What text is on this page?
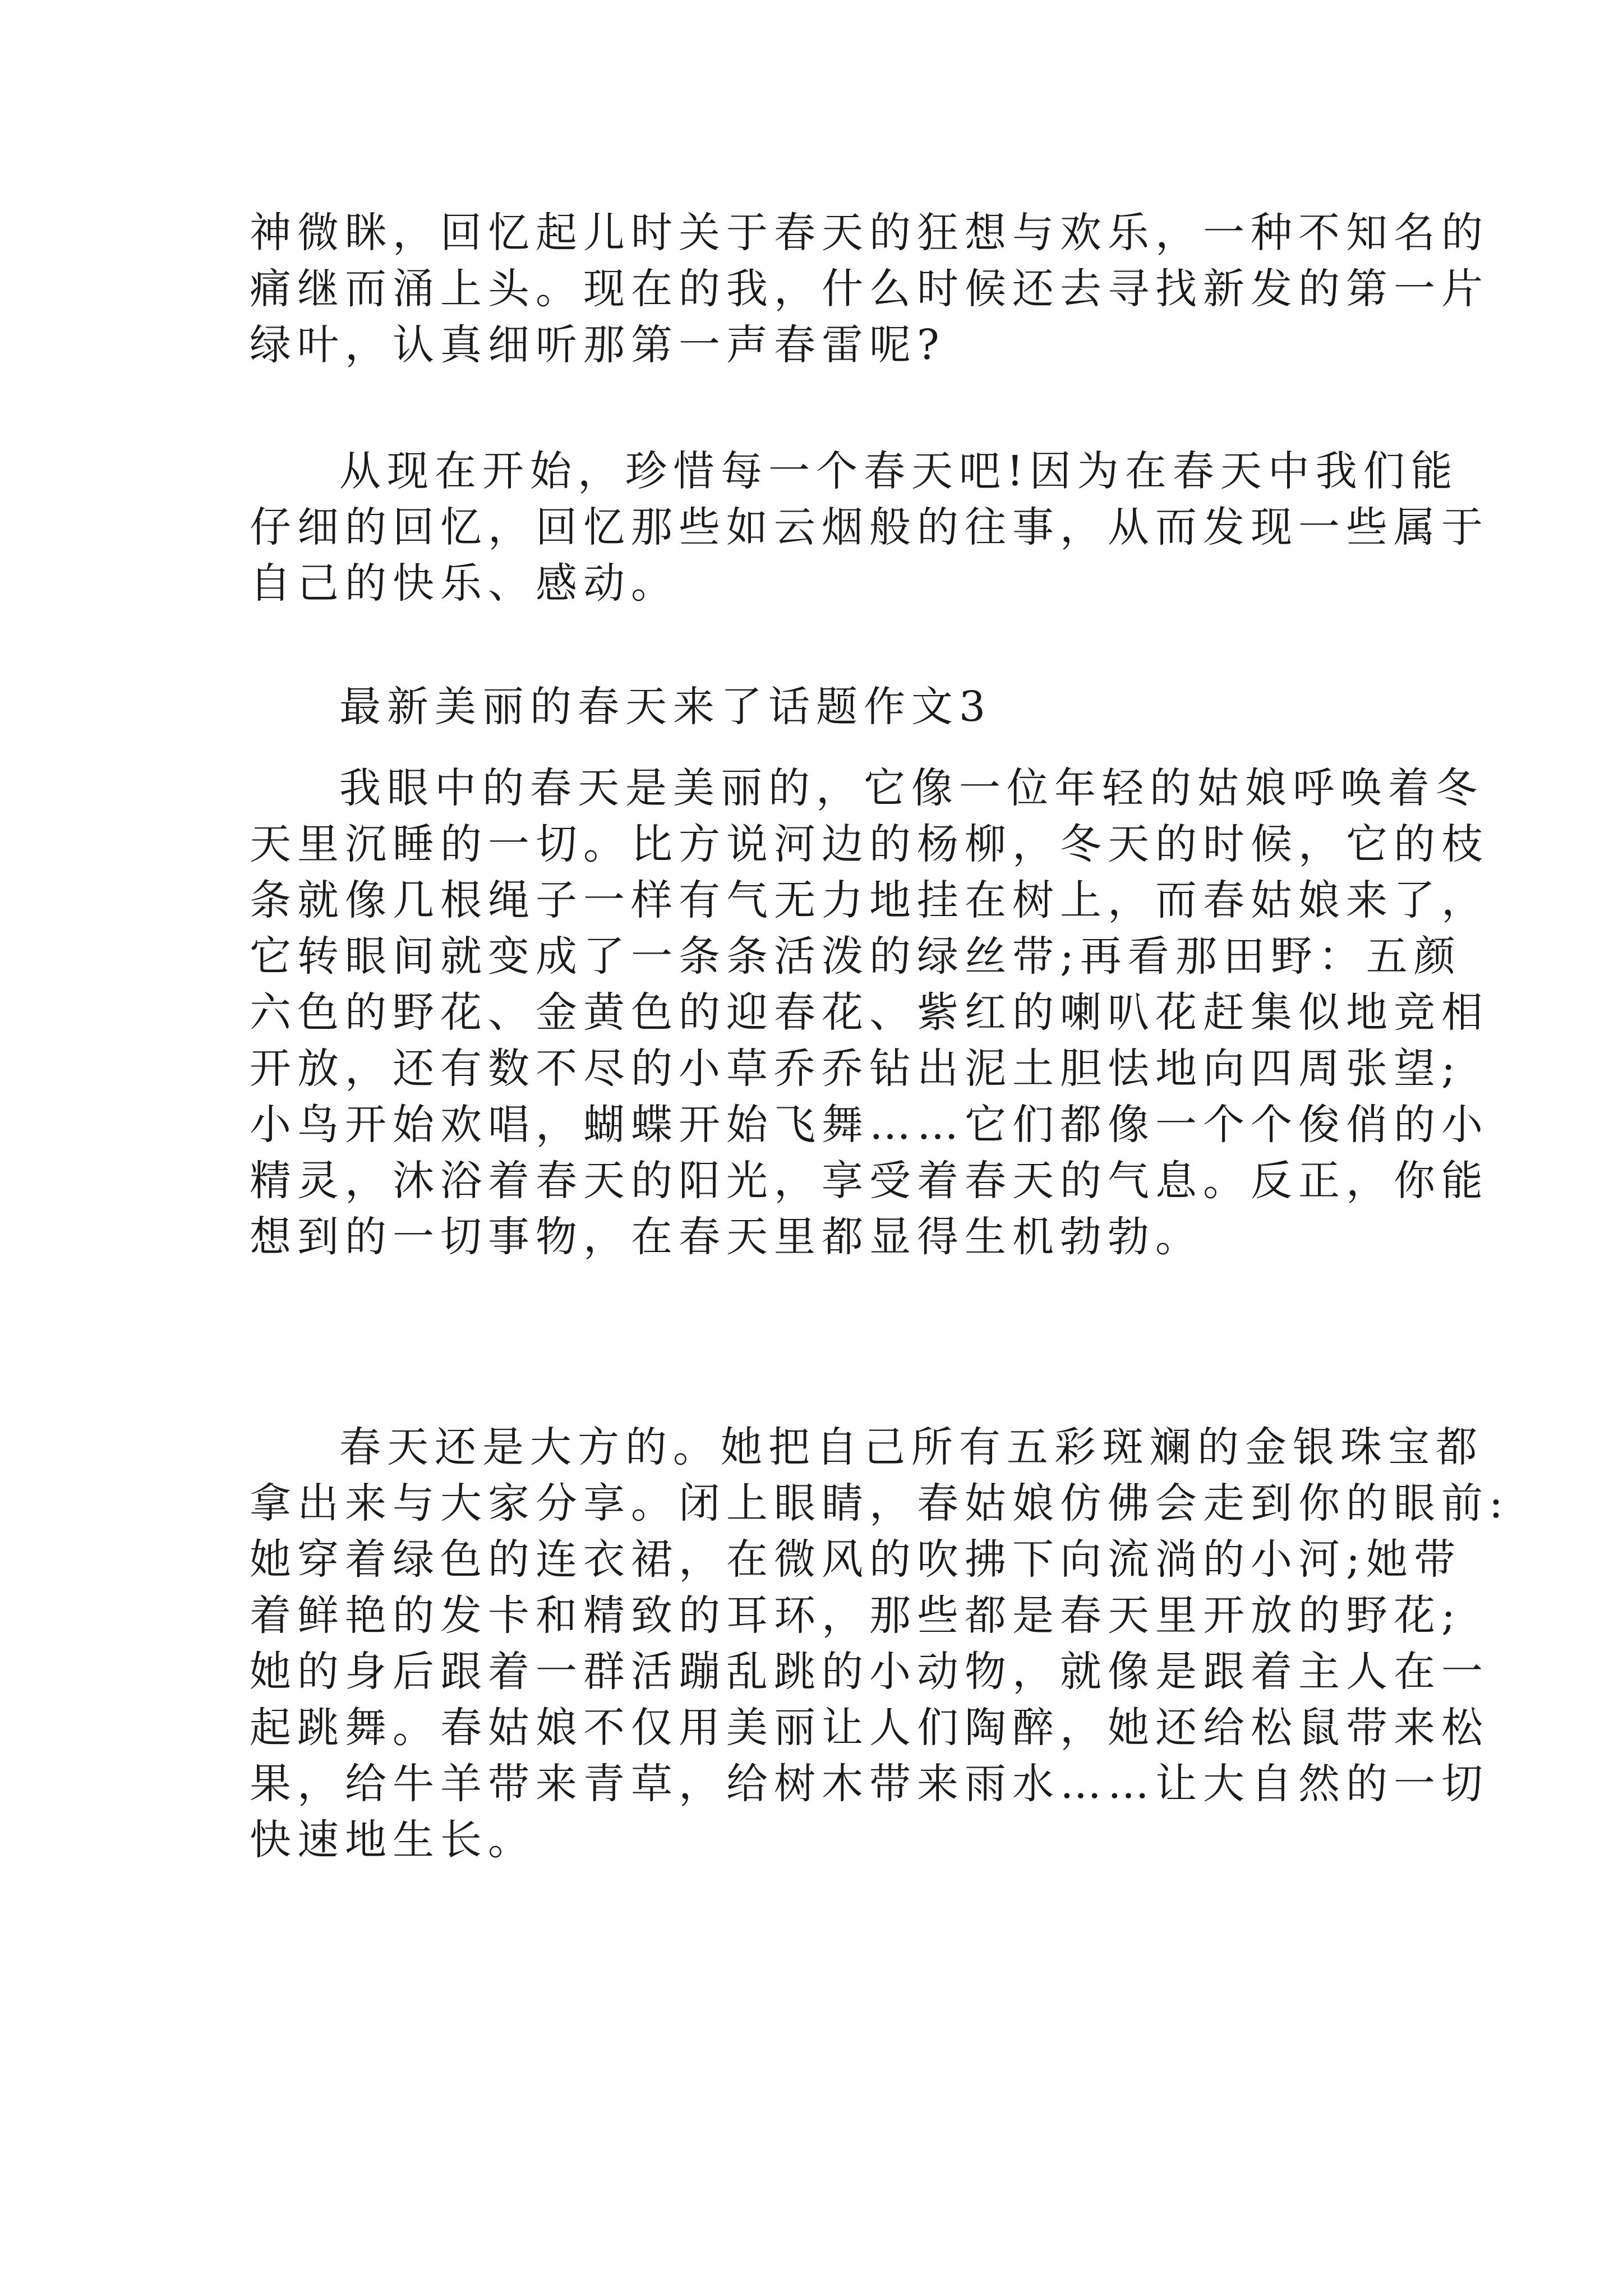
神微眯，回忆起儿时关于春天的狂想与欢乐，一种不知名的
痛继而涌上头。现在的我，什么时候还去寻找新发的第一片
绿叶，认真细听那第一声春雷呢?
从现在开始，珍惜每一个春天吧!因为在春天中我们能
仔细的回忆，回忆那些如云烟般的往事，从而发现一些属于
自己的快乐、感动。
最新美丽的春天来了话题作文3
我眼中的春天是美丽的，它像一位年轻的姑娘呼唤着冬
天里沉睡的一切。比方说河边的杨柳，冬天的时候，它的枝
条就像几根绳子一样有气无力地挂在树上，而春姑娘来了，
它转眼间就变成了一条条活泼的绿丝带;再看那田野：五颜
六色的野花、金黄色的迎春花、紫红的喇叭花赶集似地竞相
开放，还有数不尽的小草乔乔钻出泥土胆怯地向四周张望;
小鸟开始欢唱，蝴蝶开始飞舞……它们都像一个个俊俏的小
精灵，沐浴着春天的阳光，享受着春天的气息。反正，你能
想到的一切事物，在春天里都显得生机勃勃。
春天还是大方的。她把自己所有五彩斑斓的金银珠宝都
拿出来与大家分享。闭上眼睛，春姑娘仿佛会走到你的眼前:
她穿着绿色的连衣裙，在微风的吹拂下向流淌的小河;她带
着鲜艳的发卡和精致的耳环，那些都是春天里开放的野花;
她的身后跟着一群活蹦乱跳的小动物，就像是跟着主人在一
起跳舞。春姑娘不仅用美丽让人们陶醉，她还给松鼠带来松
果，给牛羊带来青草，给树木带来雨水……让大自然的一切
快速地生长。
